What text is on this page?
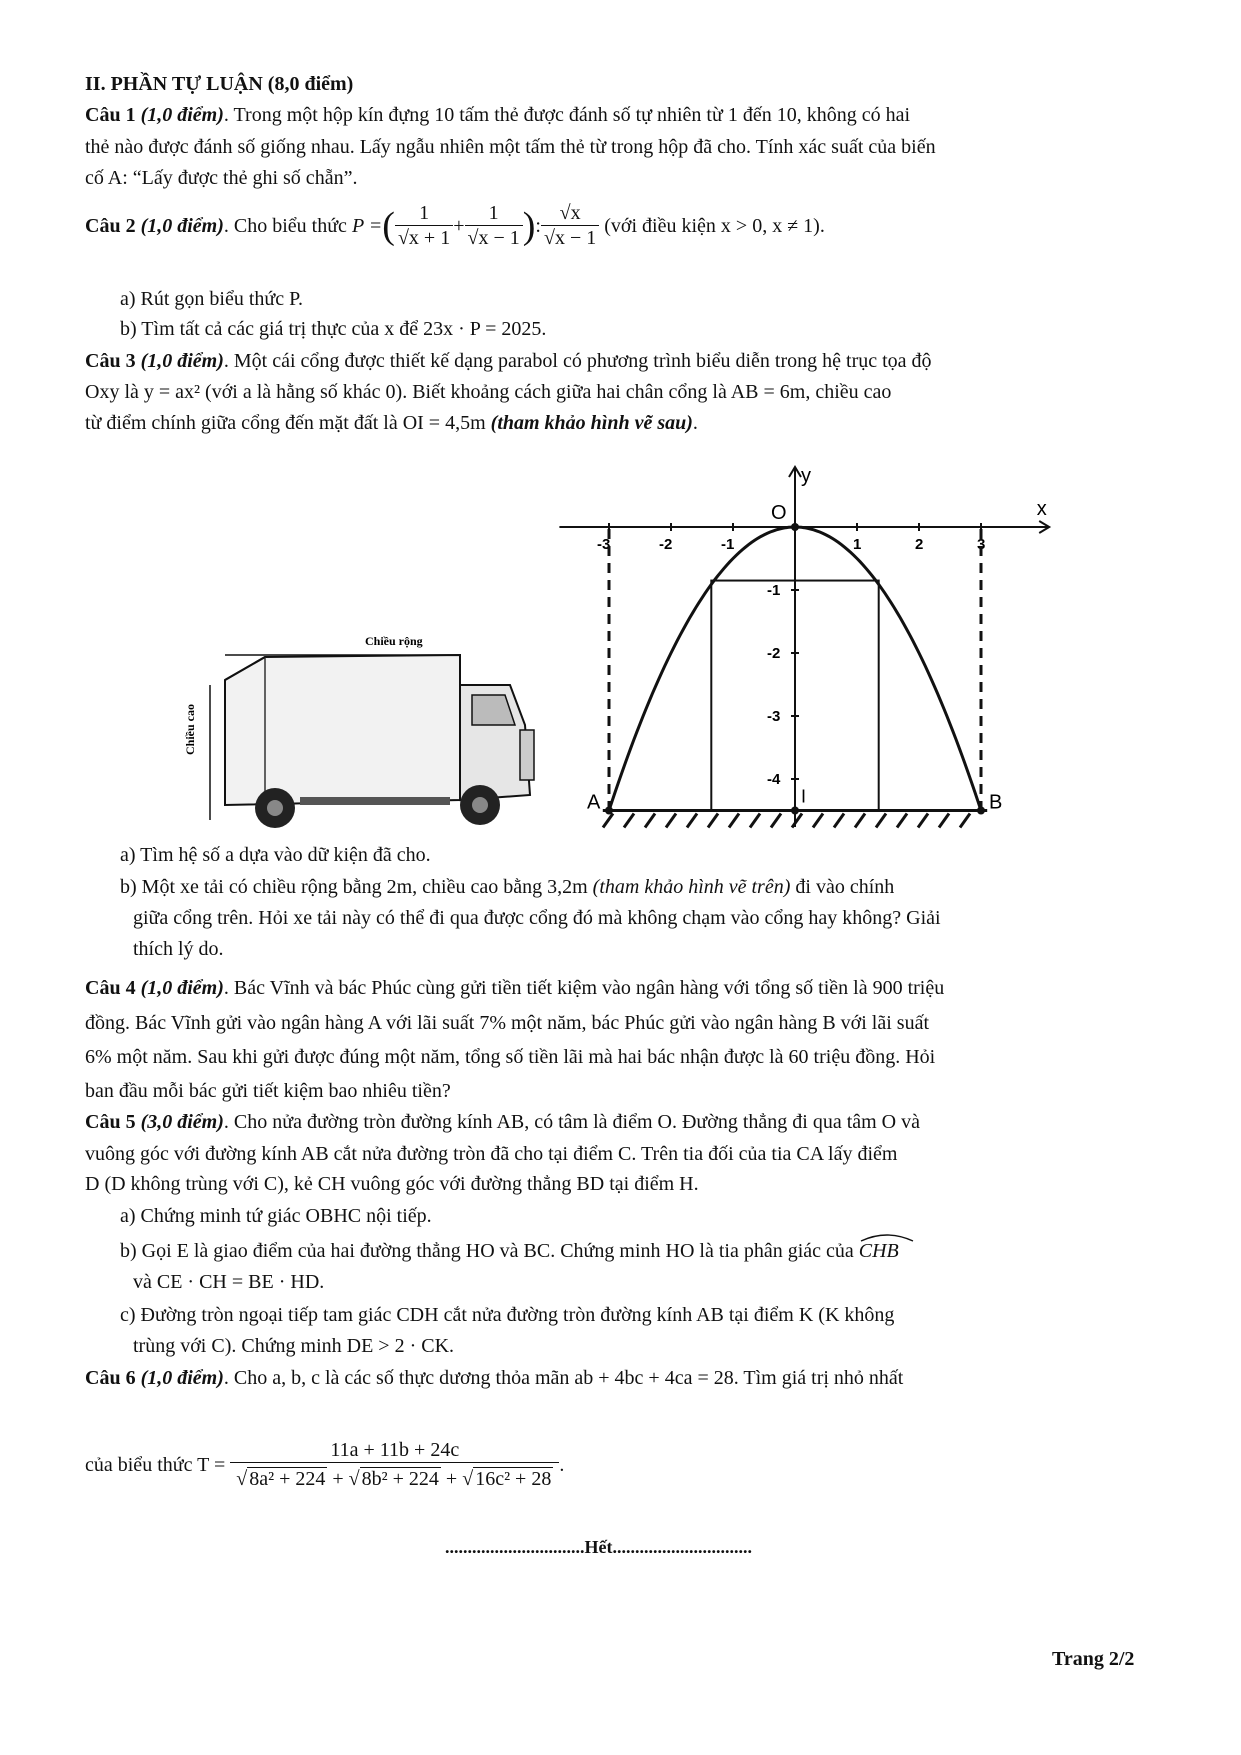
II. PHẦN TỰ LUẬN (8,0 điểm)
Câu 1 (1,0 điểm). Trong một hộp kín đựng 10 tấm thẻ được đánh số tự nhiên từ 1 đến 10, không có hai
thẻ nào được đánh số giống nhau. Lấy ngẫu nhiên một tấm thẻ từ trong hộp đã cho. Tính xác suất của biến
cố A: “Lấy được thẻ ghi số chẵn”.
Câu 2
(1,0 điểm) . Cho biểu thức
P = ( $\frac{1}{√x + 1} + \frac{1}{√x - 1}$ ) : $\frac{√x}{√x - 1}$
(với điều kiện x > 0, x ≠ 1).
a) Rút gọn biểu thức P.
b) Tìm tất cả các giá trị thực của x để 23x · P = 2025.
Câu 3 (1,0 điểm). Một cái cổng được thiết kế dạng parabol có phương trình biểu diễn trong hệ trục tọa độ
Oxy là y = ax² (với a là hằng số khác 0). Biết khoảng cách giữa hai chân cổng là AB = 6m, chiều cao
từ điểm chính giữa cổng đến mặt đất là OI = 4,5m (tham khảo hình vẽ sau).
Chiều rộng
Chiều cao
x
y
O
-3	-2	-1	1	2	3
-1
-2
-3
-4
A	I	B
a) Tìm hệ số a dựa vào dữ kiện đã cho.
b) Một xe tải có chiều rộng bằng 2m, chiều cao bằng 3,2m (tham khảo hình vẽ trên) đi vào chính
giữa cổng trên. Hỏi xe tải này có thể đi qua được cổng đó mà không chạm vào cổng hay không? Giải
thích lý do.
Câu 4 (1,0 điểm). Bác Vĩnh và bác Phúc cùng gửi tiền tiết kiệm vào ngân hàng với tổng số tiền là 900 triệu
đồng. Bác Vĩnh gửi vào ngân hàng A với lãi suất 7% một năm, bác Phúc gửi vào ngân hàng B với lãi suất
6% một năm. Sau khi gửi được đúng một năm, tổng số tiền lãi mà hai bác nhận được là 60 triệu đồng. Hỏi
ban đầu mỗi bác gửi tiết kiệm bao nhiêu tiền?
Câu 5 (3,0 điểm). Cho nửa đường tròn đường kính AB, có tâm là điểm O. Đường thẳng đi qua tâm O và
vuông góc với đường kính AB cắt nửa đường tròn đã cho tại điểm C. Trên tia đối của tia CA lấy điểm
D (D không trùng với C), kẻ CH vuông góc với đường thẳng BD tại điểm H.
a) Chứng minh tứ giác OBHC nội tiếp.
b) Gọi E là giao điểm của hai đường thẳng HO và BC. Chứng minh HO là tia phân giác của CHB
và CE · CH = BE · HD.
c) Đường tròn ngoại tiếp tam giác CDH cắt nửa đường tròn đường kính AB tại điểm K (K không
trùng với C). Chứng minh DE > 2 · CK.
Câu 6 (1,0 điểm). Cho a, b, c là các số thực dương thỏa mãn ab + 4bc + 4ca = 28. Tìm giá trị nhỏ nhất
của biểu thức T =
$\frac{11a + 11b + 24c}{\text{√ 8a² + 224 + √ 8b² + 224 + √ 16c² + 28}}$ .
...............................Hết...............................
Trang 2/2
